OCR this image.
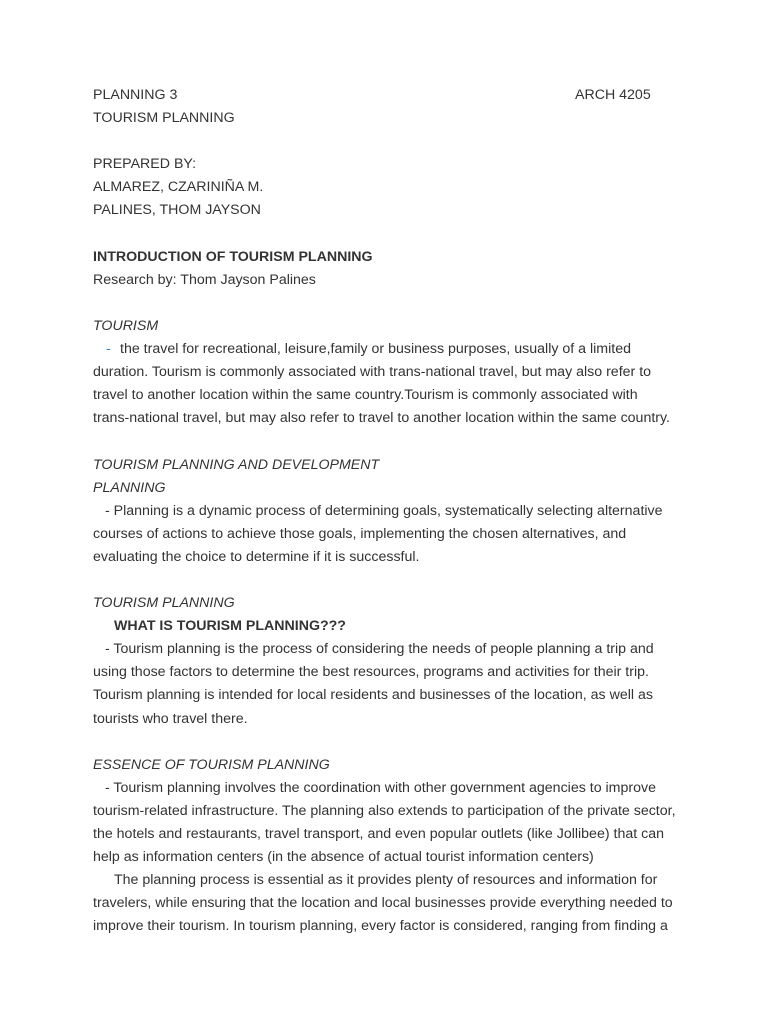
PLANNING 3	ARCH 4205
TOURISM PLANNING
PREPARED BY:
ALMAREZ, CZARINIÑA M.
PALINES, THOM JAYSON
INTRODUCTION OF TOURISM PLANNING
Research by: Thom Jayson Palines
TOURISM
- the travel for recreational, leisure,family or business purposes, usually of a limited
duration. Tourism is commonly associated with trans-national travel, but may also refer to
travel to another location within the same country.Tourism is commonly associated with
trans-national travel, but may also refer to travel to another location within the same country.
TOURISM PLANNING AND DEVELOPMENT
PLANNING
- Planning is a dynamic process of determining goals, systematically selecting alternative
courses of actions to achieve those goals, implementing the chosen alternatives, and
evaluating the choice to determine if it is successful.
TOURISM PLANNING
WHAT IS TOURISM PLANNING???
- Tourism planning is the process of considering the needs of people planning a trip and
using those factors to determine the best resources, programs and activities for their trip.
Tourism planning is intended for local residents and businesses of the location, as well as
tourists who travel there.
ESSENCE OF TOURISM PLANNING
- Tourism planning involves the coordination with other government agencies to improve
tourism-related infrastructure. The planning also extends to participation of the private sector,
the hotels and restaurants, travel transport, and even popular outlets (like Jollibee) that can
help as information centers (in the absence of actual tourist information centers)
The planning process is essential as it provides plenty of resources and information for
travelers, while ensuring that the location and local businesses provide everything needed to
improve their tourism. In tourism planning, every factor is considered, ranging from finding a
